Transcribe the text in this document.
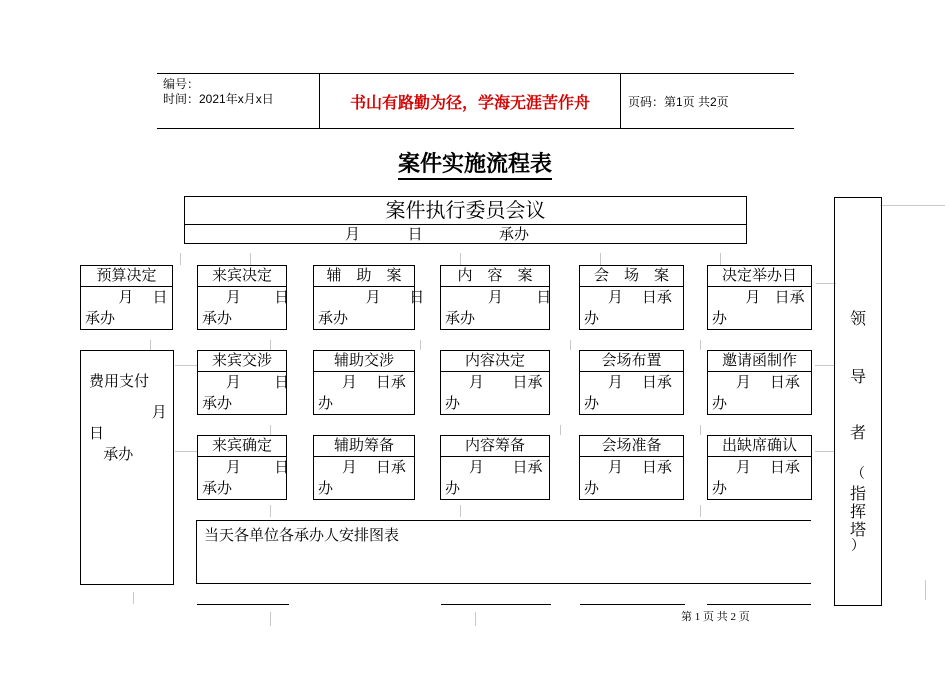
编号：
时间：2021年x月x日	书山有路勤为径，学海无涯苦作舟	页码：第1页 共2页
案件实施流程表
案件执行委员会议
月          日                承办
预算决定
月    日
承办
来宾决定
月       日
承办
辅　助　案
月      日
承办
内　容　案
月       日
承办
会　场　案
月    日承
办
决定举办日
月   日承
办
费用支付
月
日
承办
来宾交涉
月       日
承办
辅助交涉
月    日承
办
内容决定
月      日承
办
会场布置
月    日承
办
邀请函制作
月    日承
办
来宾确定
月       日
承办
辅助筹备
月    日承
办
内容筹备
月      日承
办
会场准备
月    日承
办
出缺席确认
月    日承
办
当天各单位各承办人安排图表
领
导
者
（
指
挥
塔
）
第 1 页 共 2 页
